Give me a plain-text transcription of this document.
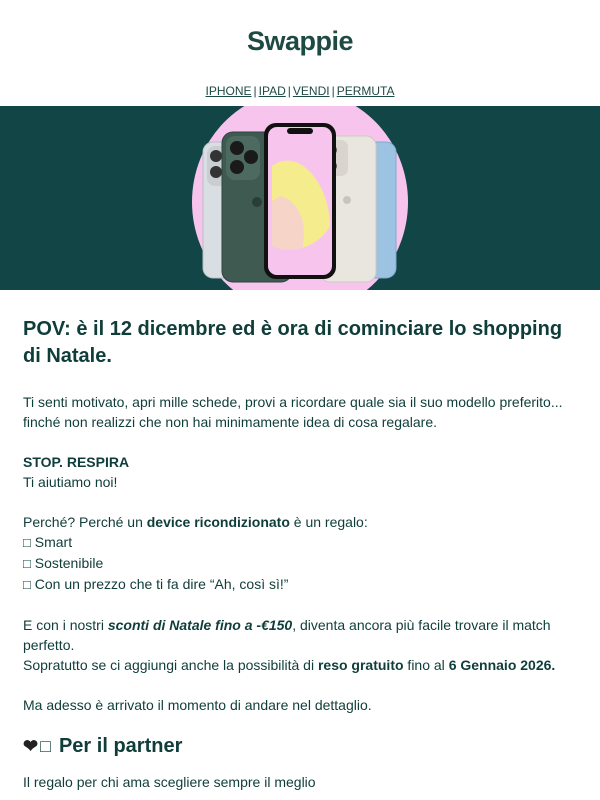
Swappie
IPHONE | IPAD | VENDI | PERMUTA
POV: è il 12 dicembre ed è ora di cominciare lo shopping di Natale.

Ti senti motivato, apri mille schede, provi a ricordare quale sia il suo modello preferito... finché non realizzi che non hai minimamente idea di cosa regalare.

STOP. RESPIRA

Ti aiutiamo noi!

Perché? Perché un device ricondizionato è un regalo:

□ Smart

□ Sostenibile

□ Con un prezzo che ti fa dire “Ah, così sì!”

E con i nostri sconti di Natale fino a -€150, diventa ancora più facile trovare il match perfetto.

Sopratutto se ci aggiungi anche la possibilità di reso gratuito fino al 6 Gennaio 2026.

Ma adesso è arrivato il momento di andare nel dettaglio.

❤ □ Per il partner
Il regalo per chi ama scegliere sempre il meglio
